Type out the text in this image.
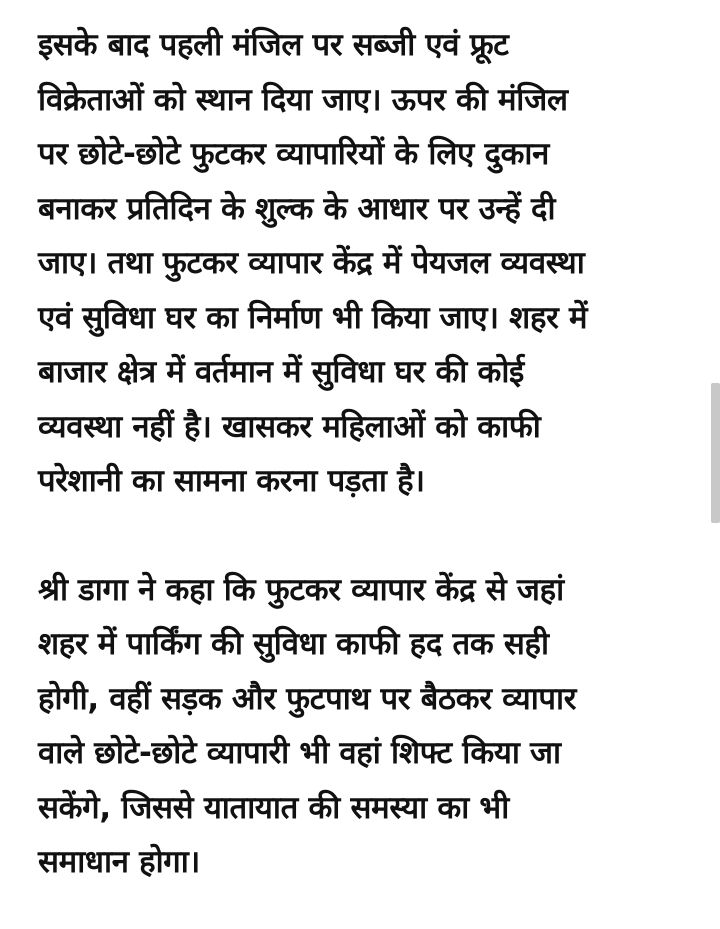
इसके बाद पहली मंजिल पर सब्जी एवं फ्रूट
विक्रेताओं को स्थान दिया जाए। ऊपर की मंजिल
पर छोटे-छोटे फुटकर व्यापारियों के लिए दुकान
बनाकर प्रतिदिन के शुल्क के आधार पर उन्हें दी
जाए। तथा फुटकर व्यापार केंद्र में पेयजल व्यवस्था
एवं सुविधा घर का निर्माण भी किया जाए। शहर में
बाजार क्षेत्र में वर्तमान में सुविधा घर की कोई
व्यवस्था नहीं है। खासकर महिलाओं को काफी
परेशानी का सामना करना पड़ता है।

श्री डागा ने कहा कि फुटकर व्यापार केंद्र से जहां
शहर में पार्किंग की सुविधा काफी हद तक सही
होगी, वहीं सड़क और फुटपाथ पर बैठकर व्यापार
वाले छोटे-छोटे व्यापारी भी वहां शिफ्ट किया जा
सकेंगे, जिससे यातायात की समस्या का भी
समाधान होगा।
